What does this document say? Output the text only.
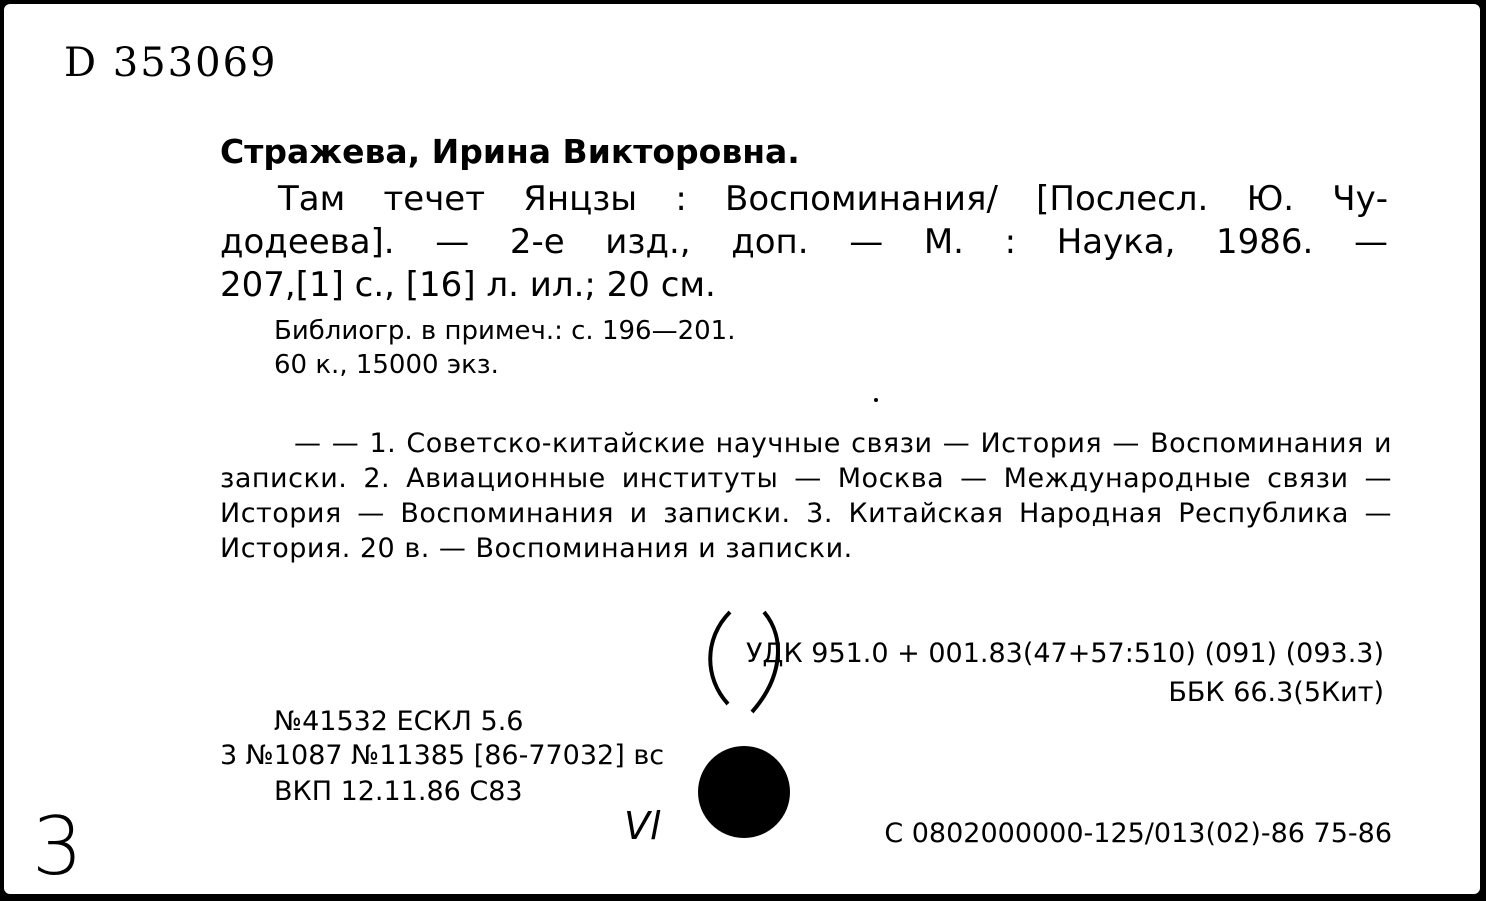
D 353069
Стражева, Ирина Викторовна.
Там течет Янцзы : Воспоминания/ [Послесл. Ю. Чу-
додеева]. — 2-е изд., доп. — М. : Наука, 1986. —
207,[1] с., [16] л. ил.; 20 см.
Библиогр. в примеч.: с. 196—201.
60 к., 15000 экз.
— — 1. Советско-китайские научные связи — История — Воспоминания и записки. 2. Авиационные институты — Москва — Международные связи — История — Воспоминания и записки. 3. Китайская Народная Республика — История. 20 в. — Воспоминания и записки.
УДК 951.0 + 001.83(47+57:510) (091) (093.3)
ББК 66.3(5Кит)
№41532 ЕСКЛ 5.6
3 №1087 №11385 [86-77032] вс
ВКП 12.11.86 С83
Vl	С 0802000000-125/013(02)-86 75-86
3
